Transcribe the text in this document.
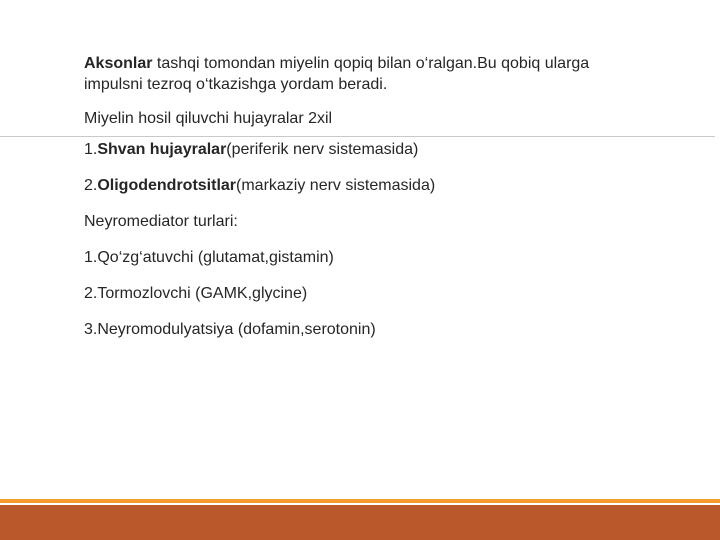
Aksonlar tashqi tomondan miyelin qopiq bilan o‘ralgan.Bu qobiq ularga impulsni tezroq o‘tkazishga yordam beradi.

Miyelin hosil qiluvchi hujayralar 2xil

1.Shvan hujayralar(periferik nerv sistemasida)

2.Oligodendrotsitlar(markaziy nerv sistemasida)

Neyromediator turlari:

1.Qo‘zg‘atuvchi (glutamat,gistamin)

2.Tormozlovchi (GAMK,glycine)

3.Neyromodulyatsiya (dofamin,serotonin)
